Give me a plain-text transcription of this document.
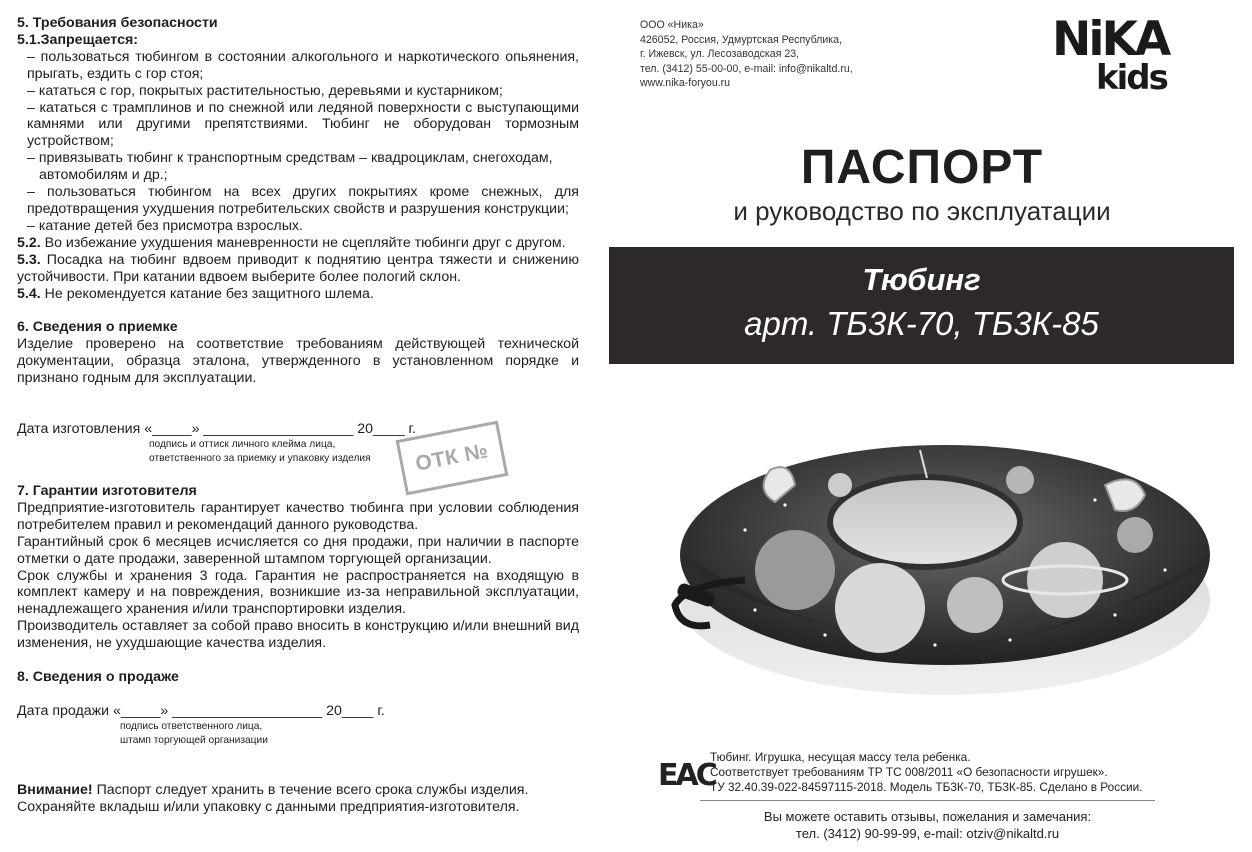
5. Требования безопасности

5.1.Запрещается:

– пользоваться тюбингом в состоянии алкогольного и наркотического опьянения, прыгать, ездить с гор стоя;

– кататься с гор, покрытых растительностью, деревьями и кустарником;

– кататься с трамплинов и по снежной или ледяной поверхности с выступающими камнями или другими препятствиями. Тюбинг не оборудован тормозным устройством;

– привязывать тюбинг к транспортным средствам – квадроциклам, снегоходам,

автомобилям и др.;

– пользоваться тюбингом на всех других покрытиях кроме снежных, для предотвращения ухудшения потребительских свойств и разрушения конструкции;

– катание детей без присмотра взрослых.

5.2. Во избежание ухудшения маневренности не сцепляйте тюбинги друг с другом.

5.3. Посадка на тюбинг вдвоем приводит к поднятию центра тяжести и снижению устойчивости. При катании вдвоем выберите более пологий склон.

5.4. Не рекомендуется катание без защитного шлема.

6. Сведения о приемке

Изделие проверено на соответствие требованиям действующей технической документации, образца эталона, утвержденного в установленном порядке и признано годным для эксплуатации.

Дата изготовления «_____» ___________________ 20____ г.

подпись и оттиск личного клейма лица,

ответственного за приемку и упаковку изделия

7. Гарантии изготовителя

Предприятие-изготовитель гарантирует качество тюбинга при условии соблюдения потребителем правил и рекомендаций данного руководства.

Гарантийный срок 6 месяцев исчисляется со дня продажи, при наличии в паспорте отметки о дате продажи, заверенной штампом торгующей организации.

Срок службы и хранения 3 года. Гарантия не распространяется на входящую в комплект камеру и на повреждения, возникшие из-за неправильной эксплуатации, ненадлежащего хранения и/или транспортировки изделия.

Производитель оставляет за собой право вносить в конструкцию и/или внешний вид изменения, не ухудшающие качества изделия.

8. Сведения о продаже

Дата продажи «_____» ___________________ 20____ г.

подпись ответственного лица,

штамп торгующей организации

Внимание! Паспорт следует хранить в течение всего срока службы изделия.

Сохраняйте вкладыш и/или упаковку с данными предприятия-изготовителя.

ОТК №
ООО «Ника»
426052, Россия, Удмуртская Республика,
г. Ижевск, ул. Лесозаводская 23,
тел. (3412) 55-00-00, e-mail: info@nikaltd.ru,
www.nika-foryou.ru
NiKA
kids
ПАСПОРТ
и руководство по эксплуатации
Тюбинг
арт. ТБ3К-70, ТБ3К-85
EAC
Тюбинг. Игрушка, несущая массу тела ребенка.
Соответствует требованиям ТР ТС 008/2011 «О безопасности игрушек».
ТУ 32.40.39-022-84597115-2018. Модель ТБ3К-70, ТБ3К-85. Сделано в России.
Вы можете оставить отзывы, пожелания и замечания:
тел. (3412) 90-99-99, e-mail: otziv@nikaltd.ru
